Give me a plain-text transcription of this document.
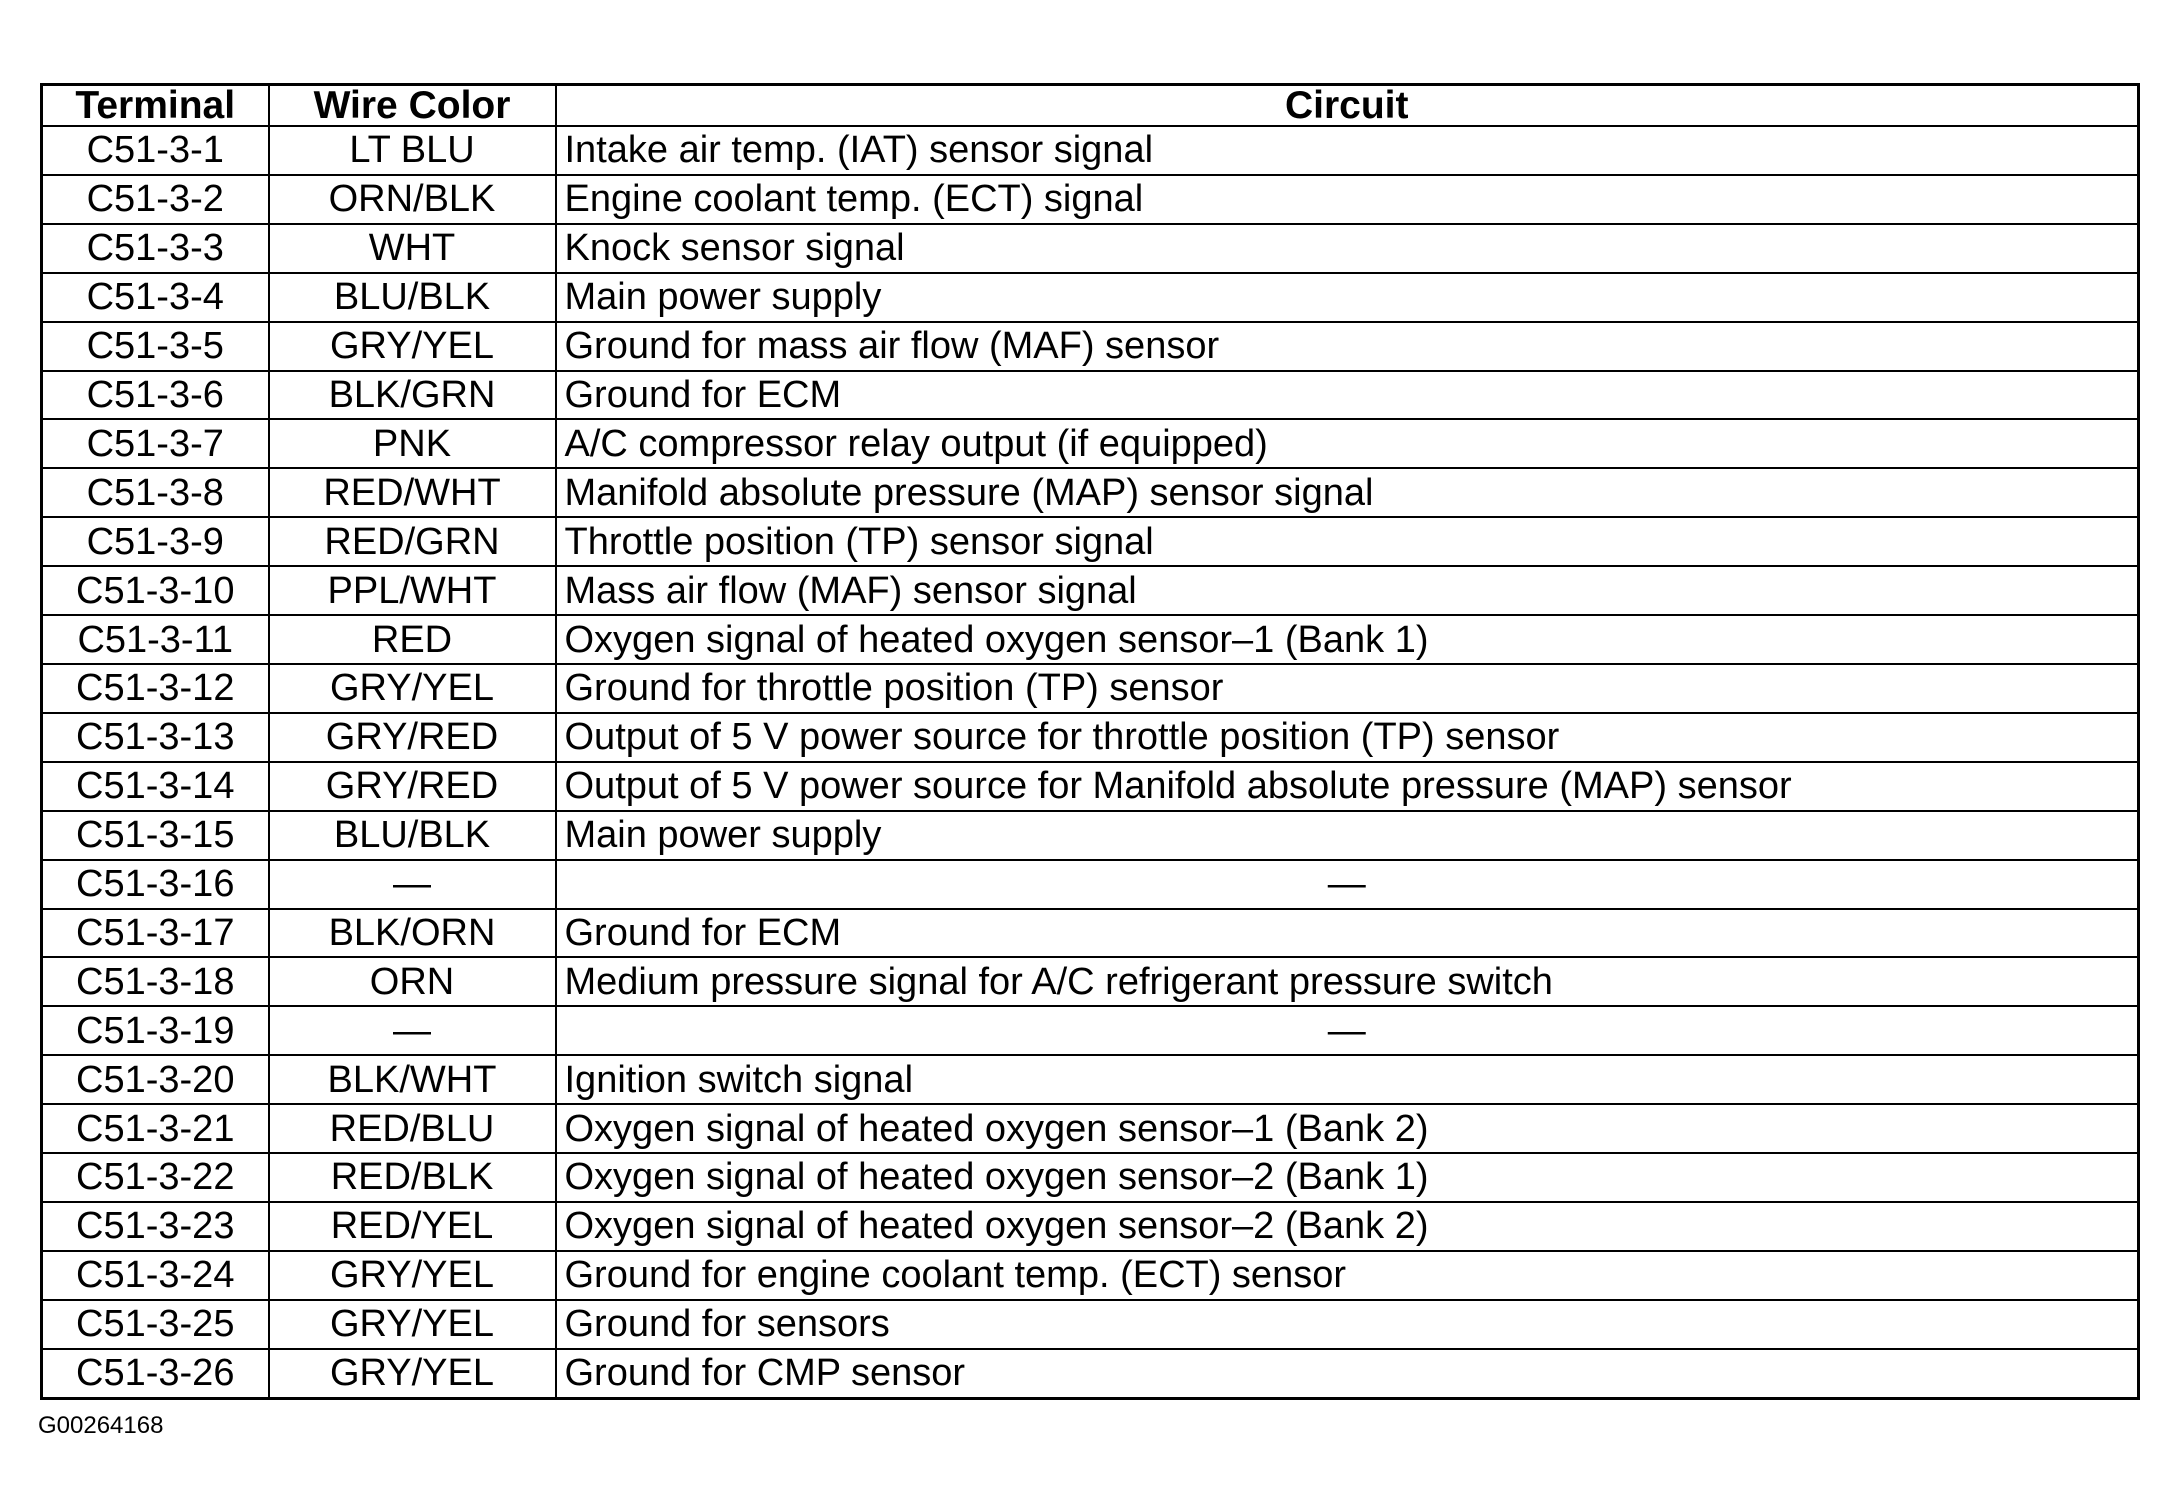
Terminal	Wire Color	Circuit
C51-3-1	LT BLU	Intake air temp. (IAT) sensor signal
C51-3-2	ORN/BLK	Engine coolant temp. (ECT) signal
C51-3-3	WHT	Knock sensor signal
C51-3-4	BLU/BLK	Main power supply
C51-3-5	GRY/YEL	Ground for mass air flow (MAF) sensor
C51-3-6	BLK/GRN	Ground for ECM
C51-3-7	PNK	A/C compressor relay output (if equipped)
C51-3-8	RED/WHT	Manifold absolute pressure (MAP) sensor signal
C51-3-9	RED/GRN	Throttle position (TP) sensor signal
C51-3-10	PPL/WHT	Mass air flow (MAF) sensor signal
C51-3-11	RED	Oxygen signal of heated oxygen sensor–1 (Bank 1)
C51-3-12	GRY/YEL	Ground for throttle position (TP) sensor
C51-3-13	GRY/RED	Output of 5 V power source for throttle position (TP) sensor
C51-3-14	GRY/RED	Output of 5 V power source for Manifold absolute pressure (MAP) sensor
C51-3-15	BLU/BLK	Main power supply
C51-3-16	—	—
C51-3-17	BLK/ORN	Ground for ECM
C51-3-18	ORN	Medium pressure signal for A/C refrigerant pressure switch
C51-3-19	—	—
C51-3-20	BLK/WHT	Ignition switch signal
C51-3-21	RED/BLU	Oxygen signal of heated oxygen sensor–1 (Bank 2)
C51-3-22	RED/BLK	Oxygen signal of heated oxygen sensor–2 (Bank 1)
C51-3-23	RED/YEL	Oxygen signal of heated oxygen sensor–2 (Bank 2)
C51-3-24	GRY/YEL	Ground for engine coolant temp. (ECT) sensor
C51-3-25	GRY/YEL	Ground for sensors
C51-3-26	GRY/YEL	Ground for CMP sensor
G00264168
